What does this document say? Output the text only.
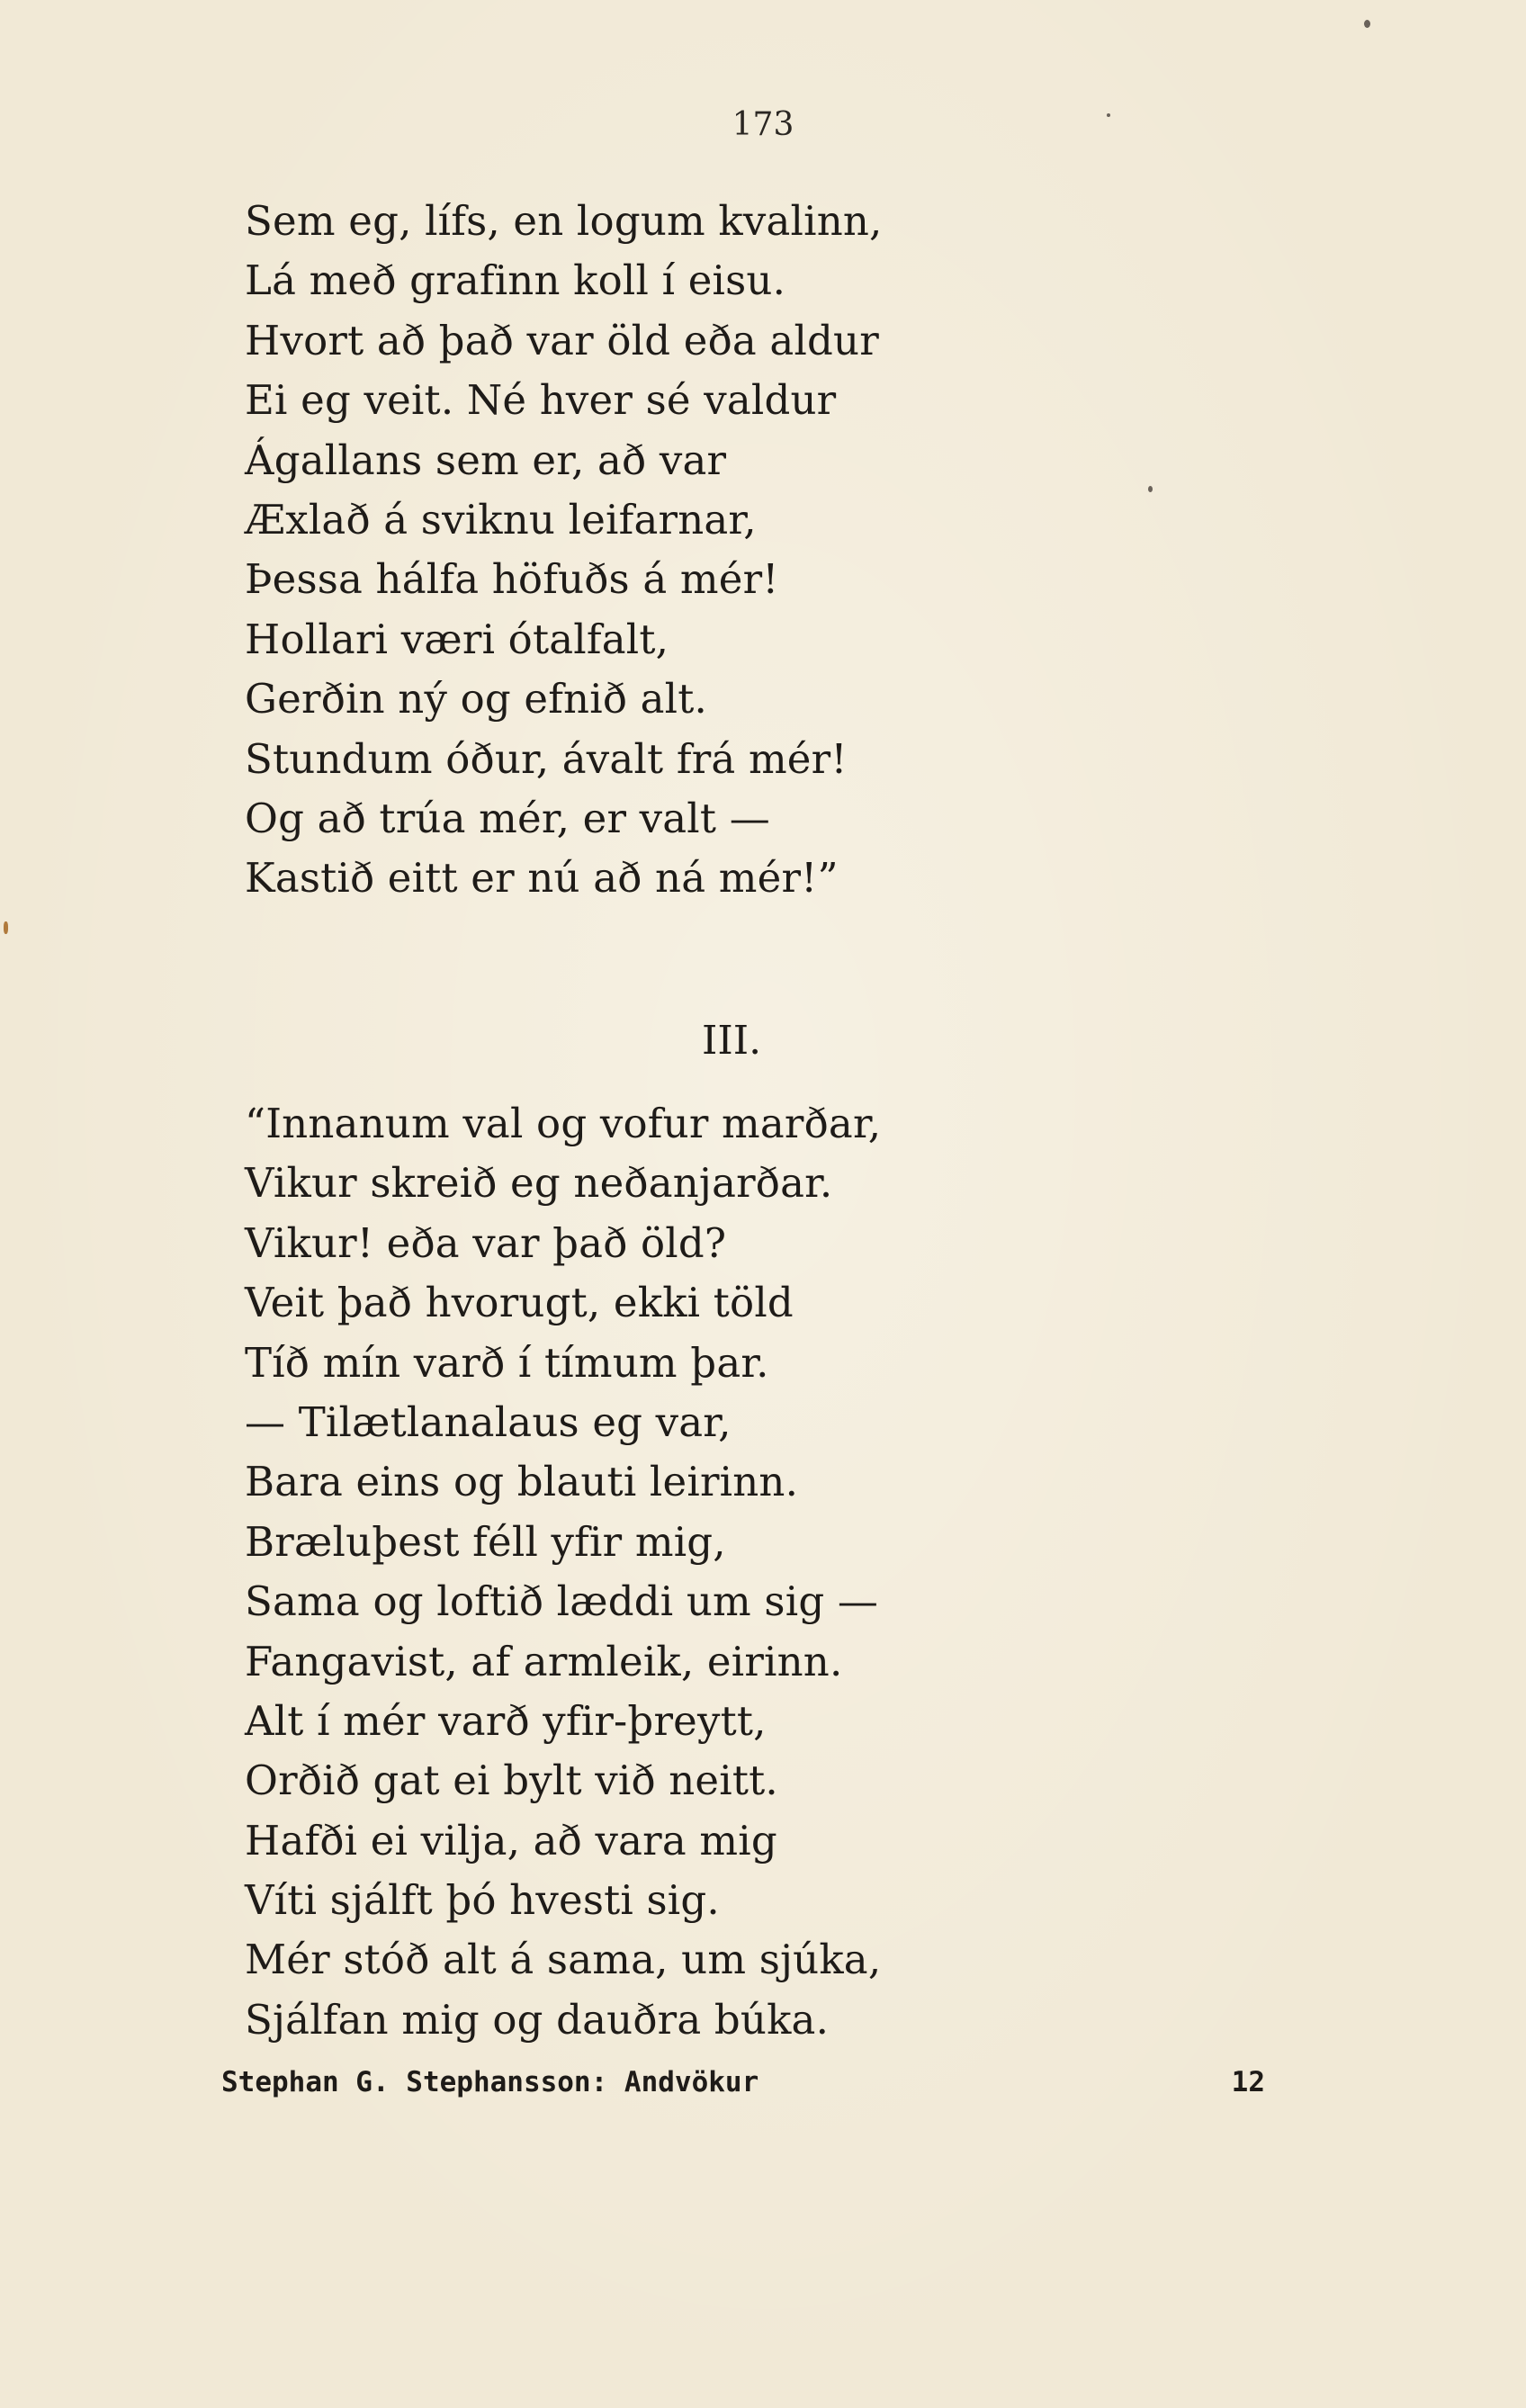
173
Sem eg, lífs, en logum kvalinn,
Lá með grafinn koll í eisu.
Hvort að það var öld eða aldur
Ei eg veit. Né hver sé valdur
Ágallans sem er, að var
Æxlað á sviknu leifarnar,
Þessa hálfa höfuðs á mér!
Hollari væri ótalfalt,
Gerðin ný og efnið alt.
Stundum óður, ávalt frá mér!
Og að trúa mér, er valt —
Kastið eitt er nú að ná mér!”
III.
“Innanum val og vofur marðar,
Vikur skreið eg neðanjarðar.
Vikur! eða var það öld?
Veit það hvorugt, ekki töld
Tíð mín varð í tímum þar.
— Tilætlanalaus eg var,
Bara eins og blauti leirinn.
Bræluþest féll yfir mig,
Sama og loftið læddi um sig —
Fangavist, af armleik, eirinn.
Alt í mér varð yfir-þreytt,
Orðið gat ei bylt við neitt.
Hafði ei vilja, að vara mig
Víti sjálft þó hvesti sig.
Mér stóð alt á sama, um sjúka,
Sjálfan mig og dauðra búka.
Stephan G. Stephansson: Andvökur	12
